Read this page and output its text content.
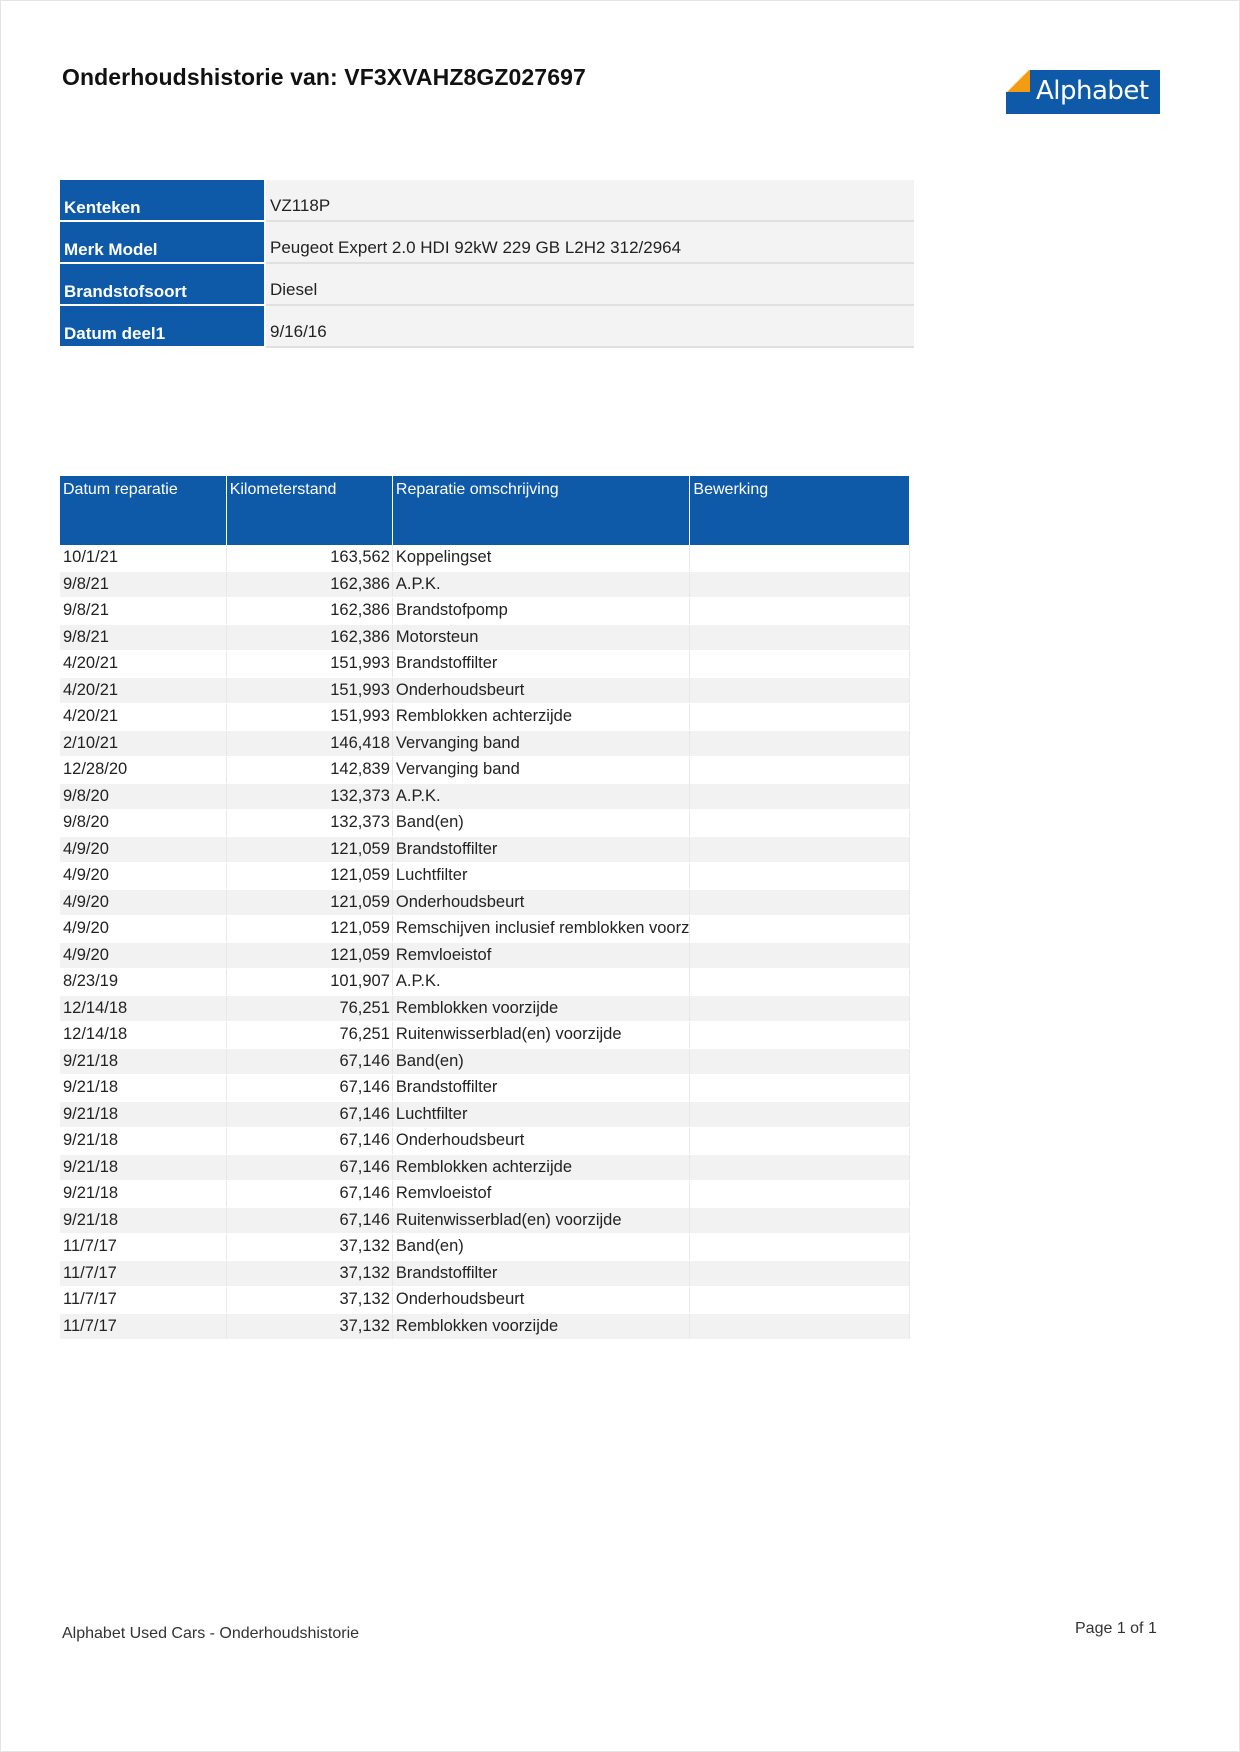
Onderhoudshistorie van: VF3XVAHZ8GZ027697	Alphabet
Kenteken	VZ118P
Merk Model	Peugeot Expert 2.0 HDI 92kW 229 GB L2H2 312/2964
Brandstofsoort	Diesel
Datum deel1	9/16/16
Datum reparatie	Kilometerstand	Reparatie omschrijving	Bewerking
10/1/21	163,562	Koppelingset	
9/8/21	162,386	A.P.K.	
9/8/21	162,386	Brandstofpomp	
9/8/21	162,386	Motorsteun	
4/20/21	151,993	Brandstoffilter	
4/20/21	151,993	Onderhoudsbeurt	
4/20/21	151,993	Remblokken achterzijde	
2/10/21	146,418	Vervanging band	
12/28/20	142,839	Vervanging band	
9/8/20	132,373	A.P.K.	
9/8/20	132,373	Band(en)	
4/9/20	121,059	Brandstoffilter	
4/9/20	121,059	Luchtfilter	
4/9/20	121,059	Onderhoudsbeurt	
4/9/20	121,059	Remschijven inclusief remblokken voorz	
4/9/20	121,059	Remvloeistof	
8/23/19	101,907	A.P.K.	
12/14/18	76,251	Remblokken voorzijde	
12/14/18	76,251	Ruitenwisserblad(en) voorzijde	
9/21/18	67,146	Band(en)	
9/21/18	67,146	Brandstoffilter	
9/21/18	67,146	Luchtfilter	
9/21/18	67,146	Onderhoudsbeurt	
9/21/18	67,146	Remblokken achterzijde	
9/21/18	67,146	Remvloeistof	
9/21/18	67,146	Ruitenwisserblad(en) voorzijde	
11/7/17	37,132	Band(en)	
11/7/17	37,132	Brandstoffilter	
11/7/17	37,132	Onderhoudsbeurt	
11/7/17	37,132	Remblokken voorzijde	
Alphabet Used Cars - Onderhoudshistorie	Page 1 of 1
